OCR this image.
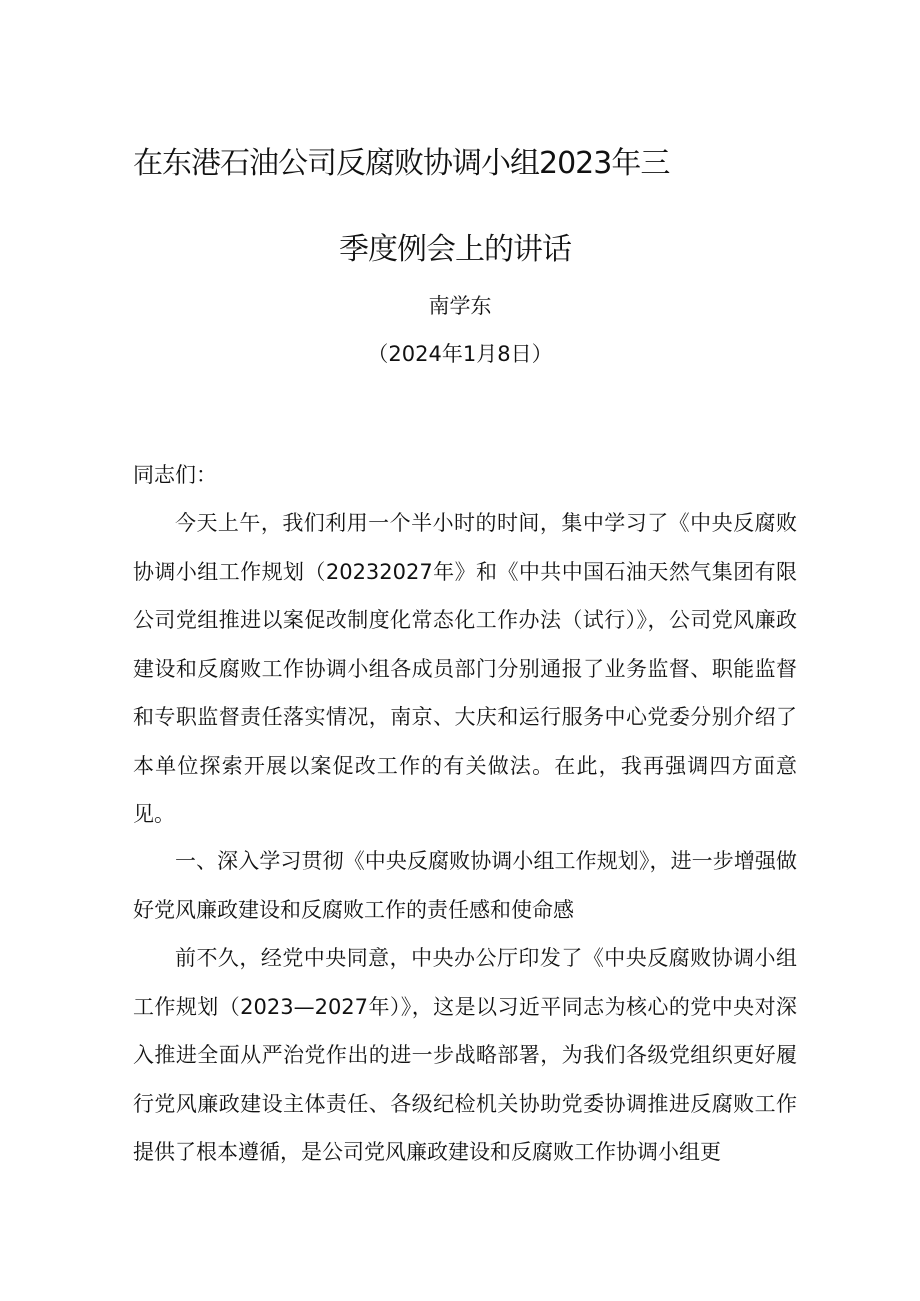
在东港石油公司反腐败协调小组2023年三
季度例会上的讲话
南学东
（2024年1月8日）
同志们：
今天上午，我们利用一个半小时的时间，集中学习了《中央反腐败协调小组工作规划（20232027年》和《中共中国石油天然气集团有限公司党组推进以案促改制度化常态化工作办法（试行）》，公司党风廉政建设和反腐败工作协调小组各成员部门分别通报了业务监督、职能监督和专职监督责任落实情况，南京、大庆和运行服务中心党委分别介绍了本单位探索开展以案促改工作的有关做法。在此，我再强调四方面意见。
一、深入学习贯彻《中央反腐败协调小组工作规划》，进一步增强做好党风廉政建设和反腐败工作的责任感和使命感
前不久，经党中央同意，中央办公厅印发了《中央反腐败协调小组工作规划（2023—2027年）》，这是以习近平同志为核心的党中央对深入推进全面从严治党作出的进一步战略部署，为我们各级党组织更好履行党风廉政建设主体责任、各级纪检机关协助党委协调推进反腐败工作提供了根本遵循，是公司党风廉政建设和反腐败工作协调小组更
